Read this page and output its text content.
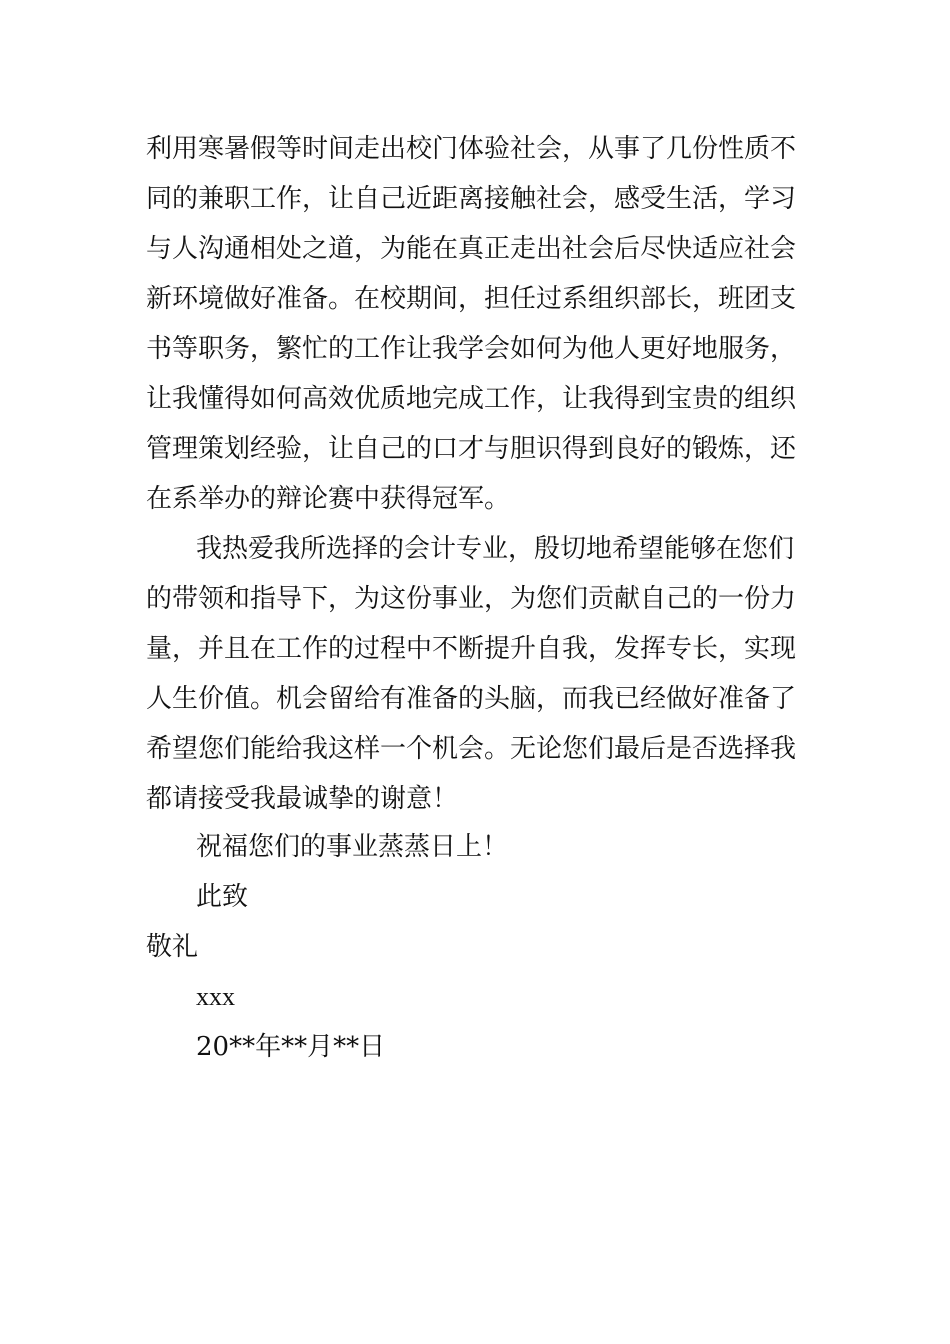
利用寒暑假等时间走出校门体验社会，从事了几份性质不
同的兼职工作，让自己近距离接触社会，感受生活，学习
与人沟通相处之道，为能在真正走出社会后尽快适应社会
新环境做好准备。在校期间，担任过系组织部长，班团支
书等职务，繁忙的工作让我学会如何为他人更好地服务，
让我懂得如何高效优质地完成工作，让我得到宝贵的组织
管理策划经验，让自己的口才与胆识得到良好的锻炼，还
在系举办的辩论赛中获得冠军。
我热爱我所选择的会计专业，殷切地希望能够在您们
的带领和指导下，为这份事业，为您们贡献自己的一份力
量，并且在工作的过程中不断提升自我，发挥专长，实现
人生价值。机会留给有准备的头脑，而我已经做好准备了
希望您们能给我这样一个机会。无论您们最后是否选择我
都请接受我最诚挚的谢意！
祝福您们的事业蒸蒸日上！
此致
敬礼
xxx
20**年**月**日
